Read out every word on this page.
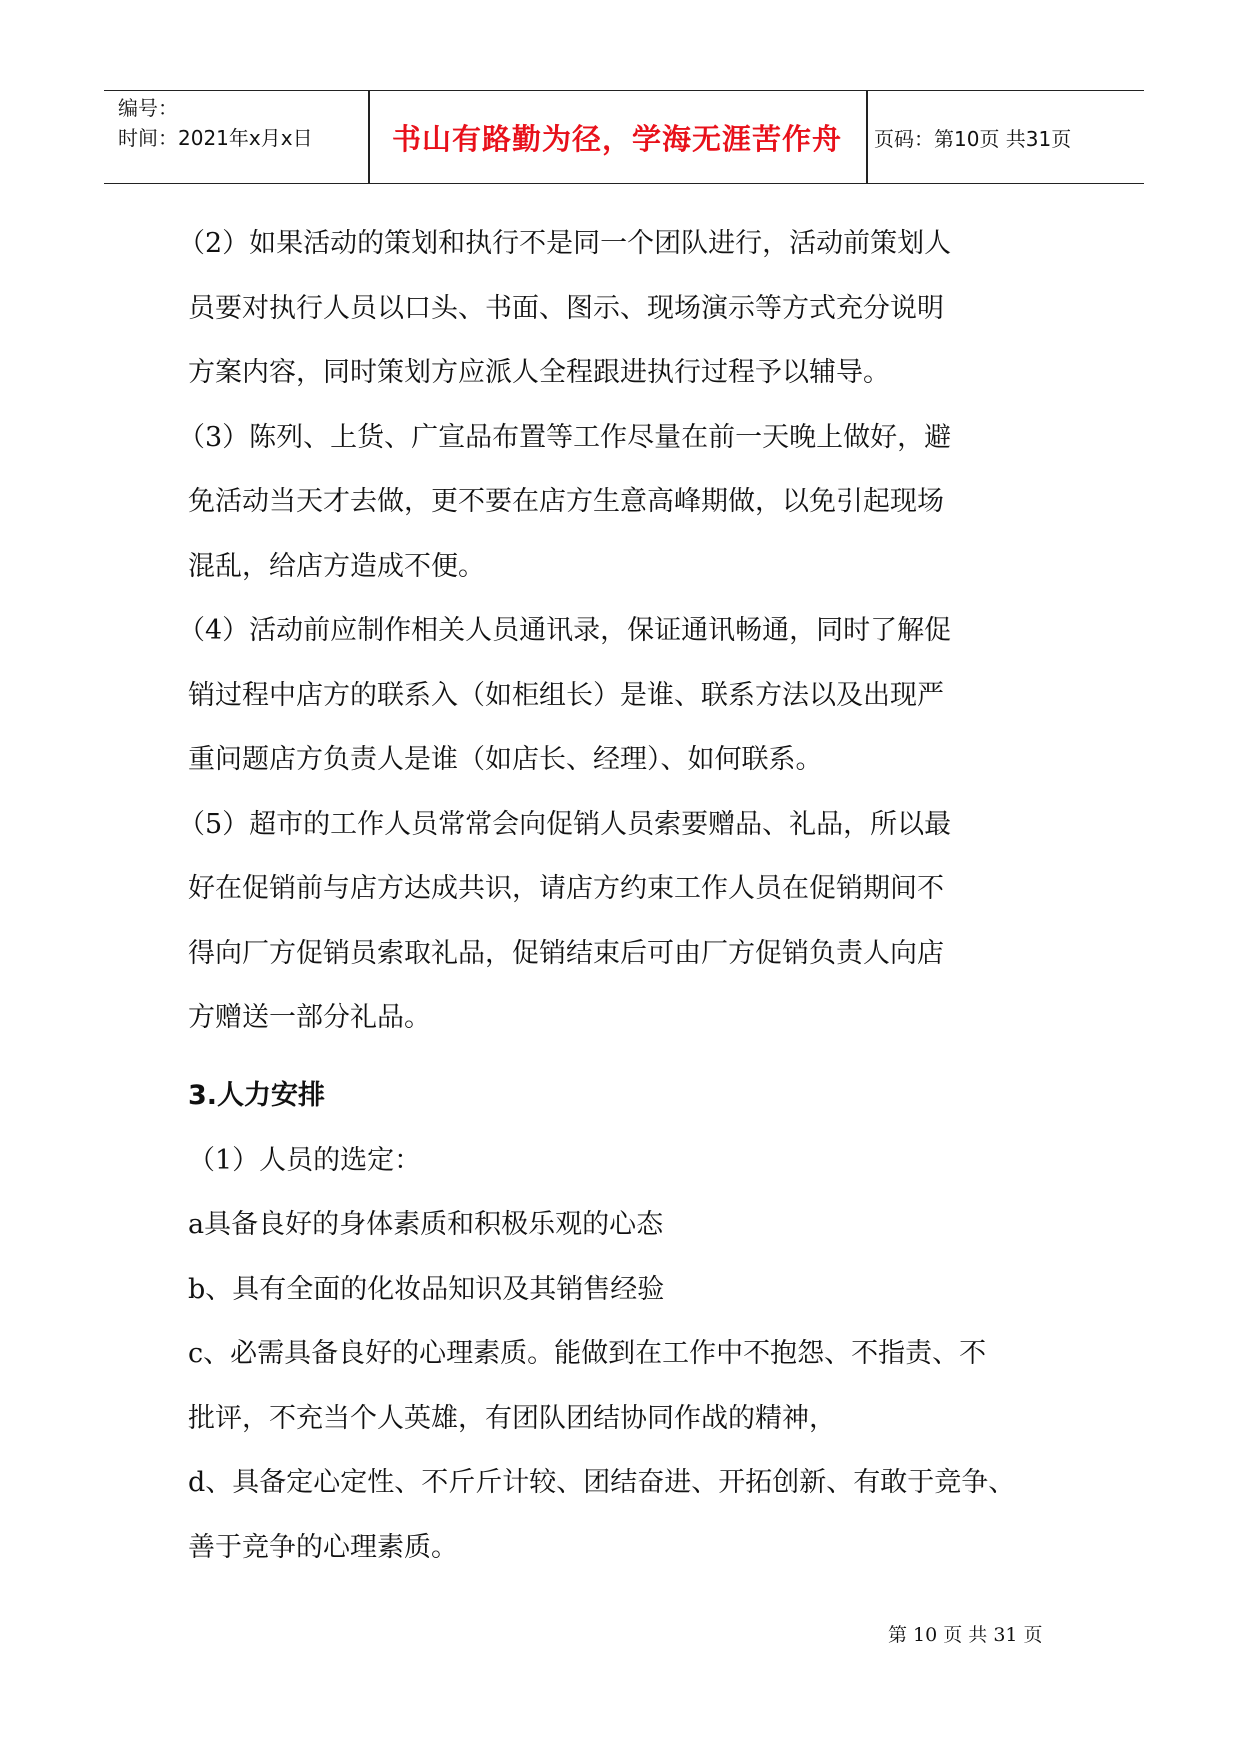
编号：
时间：2021年x月x日	书山有路勤为径，学海无涯苦作舟	页码：第10页 共31页

（2）如果活动的策划和执行不是同一个团队进行，活动前策划人

员要对执行人员以口头、书面、图示、现场演示等方式充分说明

方案内容，同时策划方应派人全程跟进执行过程予以辅导。

（3）陈列、上货、广宣品布置等工作尽量在前一天晚上做好，避

免活动当天才去做，更不要在店方生意高峰期做，以免引起现场

混乱，给店方造成不便。

（4）活动前应制作相关人员通讯录，保证通讯畅通，同时了解促

销过程中店方的联系入（如柜组长）是谁、联系方法以及出现严

重问题店方负责人是谁（如店长、经理）、如何联系。

（5）超市的工作人员常常会向促销人员索要赠品、礼品，所以最

好在促销前与店方达成共识，请店方约束工作人员在促销期间不

得向厂方促销员索取礼品，促销结束后可由厂方促销负责人向店

方赠送一部分礼品。

3.人力安排

（1）人员的选定：

a具备良好的身体素质和积极乐观的心态

b、具有全面的化妆品知识及其销售经验

c、必需具备良好的心理素质。能做到在工作中不抱怨、不指责、不

批评，不充当个人英雄，有团队团结协同作战的精神，

d、具备定心定性、不斤斤计较、团结奋进、开拓创新、有敢于竞争、

善于竞争的心理素质。

第 10 页 共 31 页
